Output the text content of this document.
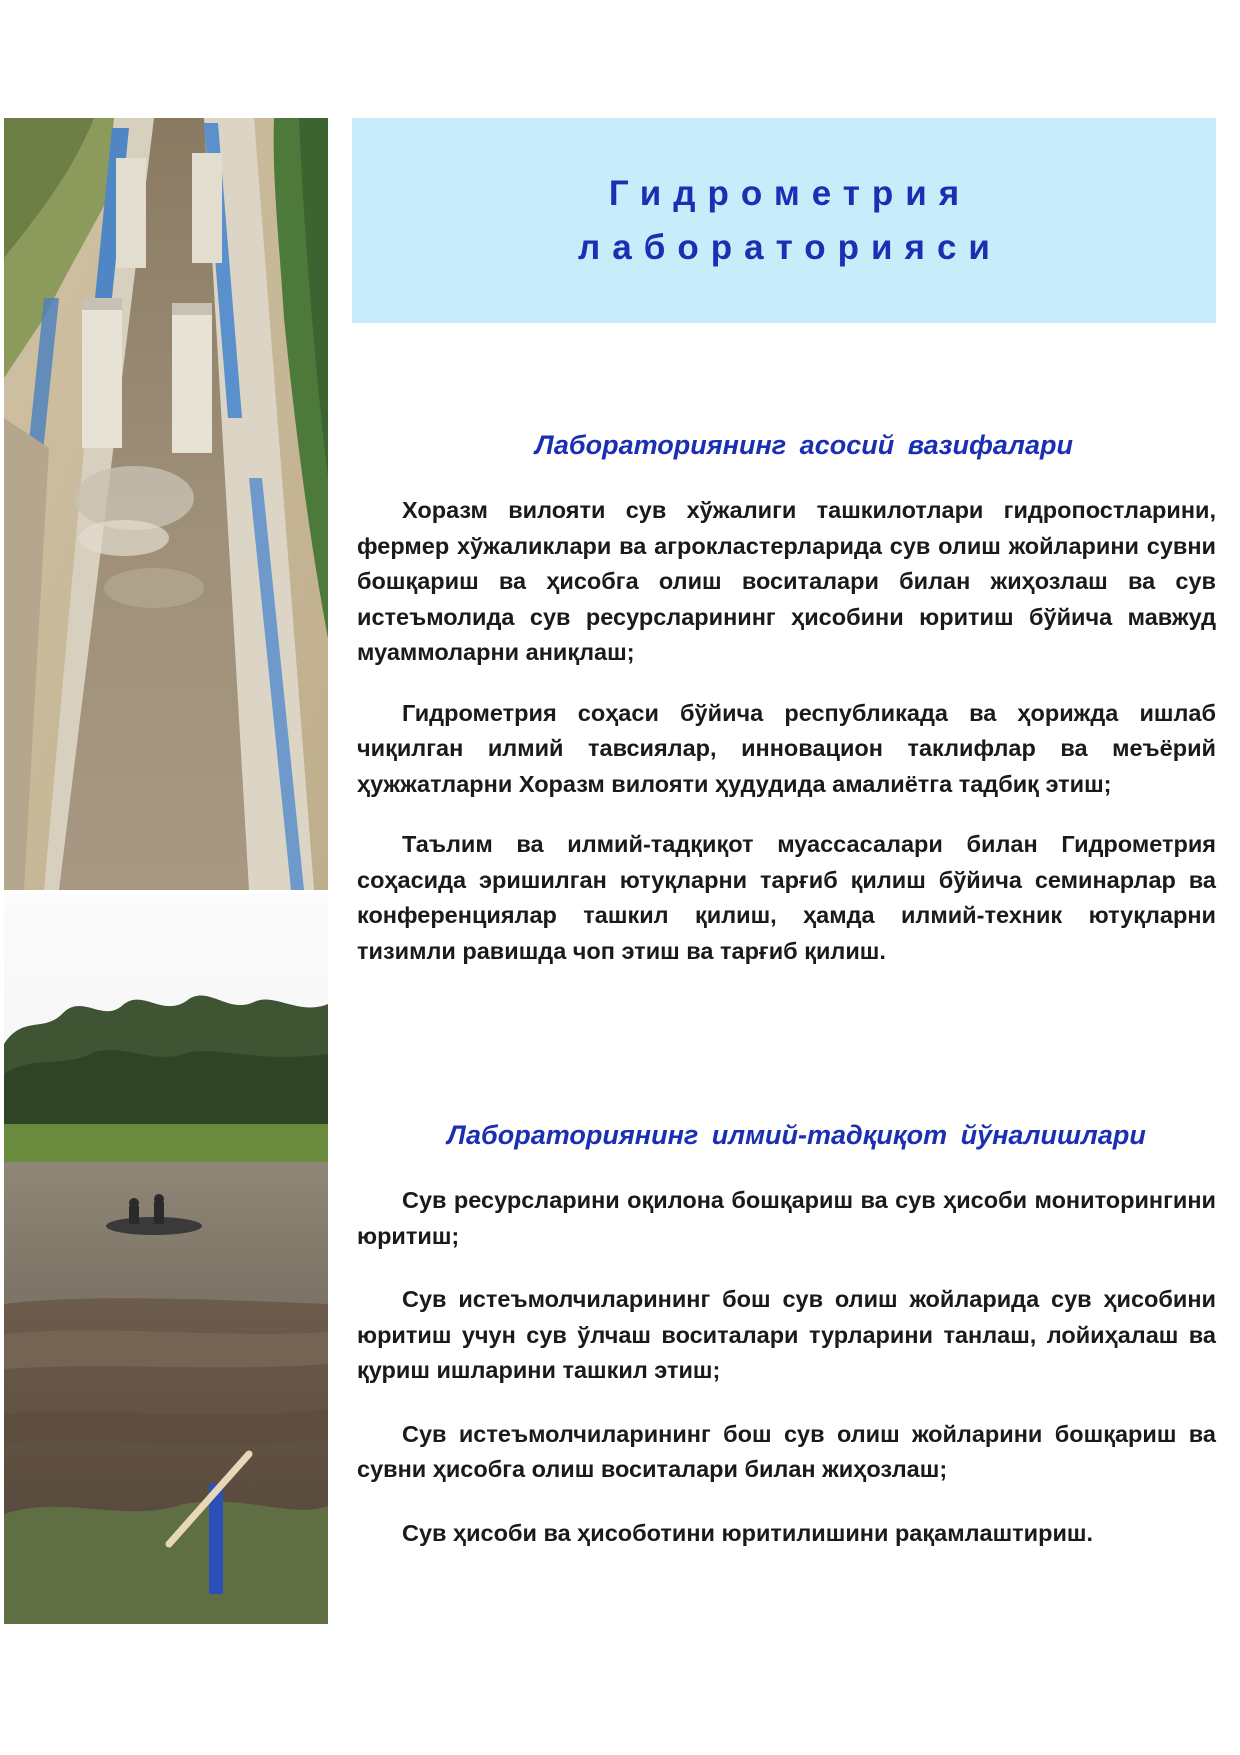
Гидрометрия
лабораторияси
Лабораториянинг асосий вазифалари

Хоразм вилояти сув хўжалиги ташкилотлари гидропостларини, фермер хўжаликлари ва агрокластерларида сув олиш жойларини сувни бошқариш ва ҳисобга олиш воситалари билан жиҳозлаш ва сув истеъмолида сув ресурсларининг ҳисобини юритиш бўйича мавжуд муаммоларни аниқлаш;

Гидрометрия соҳаси бўйича республикада ва ҳорижда ишлаб чиқилган илмий тавсиялар, инновацион таклифлар ва меъёрий ҳужжатларни Хоразм вилояти ҳудудида амалиётга тадбиқ этиш;

Таълим ва илмий-тадқиқот муассасалари билан Гидрометрия соҳасида эришилган ютуқларни тарғиб қилиш бўйича семинарлар ва конференциялар ташкил қилиш, ҳамда илмий-техник ютуқларни тизимли равишда чоп этиш ва тарғиб қилиш.

Лабораториянинг илмий-тадқиқот йўналишлари

Сув ресурсларини оқилона бошқариш ва сув ҳисоби мониторингини юритиш;

Сув истеъмолчиларининг бош сув олиш жойларида сув ҳисобини юритиш учун сув ўлчаш воситалари турларини танлаш, лойиҳалаш ва қуриш ишларини ташкил этиш;

Сув истеъмолчиларининг бош сув олиш жойларини бошқариш ва сувни ҳисобга олиш воситалари билан жиҳозлаш;

Сув ҳисоби ва ҳисоботини юритилишини рақамлаштириш.
